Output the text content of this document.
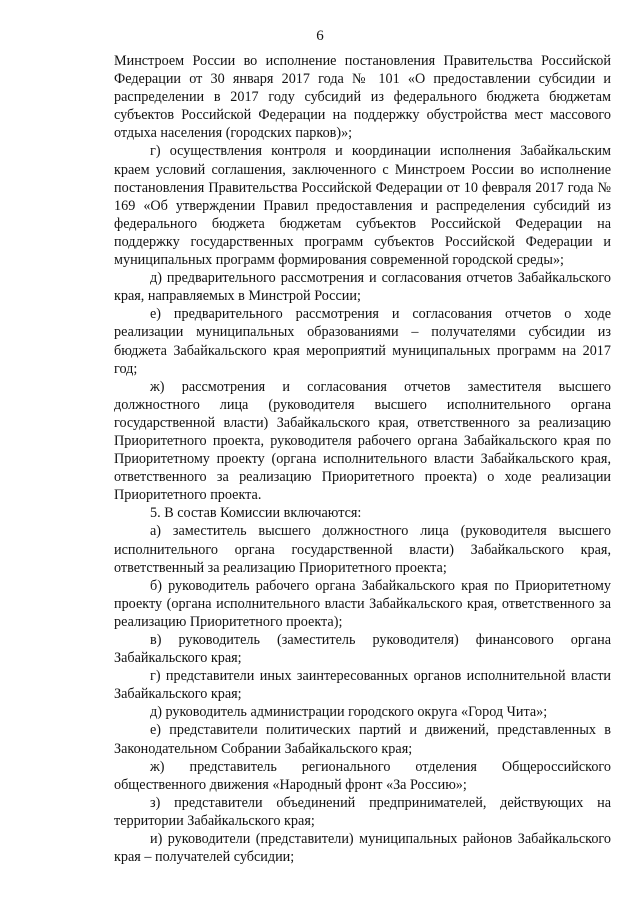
6

Минстроем России во исполнение постановления Правительства Российской Федерации от 30 января 2017 года № 101 «О предоставлении субсидии и распределении в 2017 году субсидий из федерального бюджета бюджетам субъектов Российской Федерации на поддержку обустройства мест массового отдыха населения (городских парков)»;

г) осуществления контроля и координации исполнения Забайкальским краем условий соглашения, заключенного с Минстроем России во исполнение постановления Правительства Российской Федерации от 10 февраля 2017 года № 169 «Об утверждении Правил предоставления и распределения субсидий из федерального бюджета бюджетам субъектов Российской Федерации на поддержку государственных программ субъектов Российской Федерации и муниципальных программ формирования современной городской среды»;

д) предварительного рассмотрения и согласования отчетов Забайкальского края, направляемых в Минстрой России;

е) предварительного рассмотрения и согласования отчетов о ходе реализации муниципальных образованиями – получателями субсидии из бюджета Забайкальского края мероприятий муниципальных программ на 2017 год;

ж) рассмотрения и согласования отчетов заместителя высшего должностного лица (руководителя высшего исполнительного органа государственной власти) Забайкальского края, ответственного за реализацию Приоритетного проекта, руководителя рабочего органа Забайкальского края по Приоритетному проекту (органа исполнительного власти Забайкальского края, ответственного за реализацию Приоритетного проекта) о ходе реализации Приоритетного проекта.

5. В состав Комиссии включаются:

а) заместитель высшего должностного лица (руководителя высшего исполнительного органа государственной власти) Забайкальского края, ответственный за реализацию Приоритетного проекта;

б) руководитель рабочего органа Забайкальского края по Приоритетному проекту (органа исполнительного власти Забайкальского края, ответственного за реализацию Приоритетного проекта);

в) руководитель (заместитель руководителя) финансового органа Забайкальского края;

г) представители иных заинтересованных органов исполнительной власти Забайкальского края;

д) руководитель администрации городского округа «Город Чита»;

е) представители политических партий и движений, представленных в Законодательном Собрании Забайкальского края;

ж) представитель регионального отделения Общероссийского общественного движения «Народный фронт «За Россию»;

з) представители объединений предпринимателей, действующих на территории Забайкальского края;

и) руководители (представители) муниципальных районов Забайкальского края – получателей субсидии;
